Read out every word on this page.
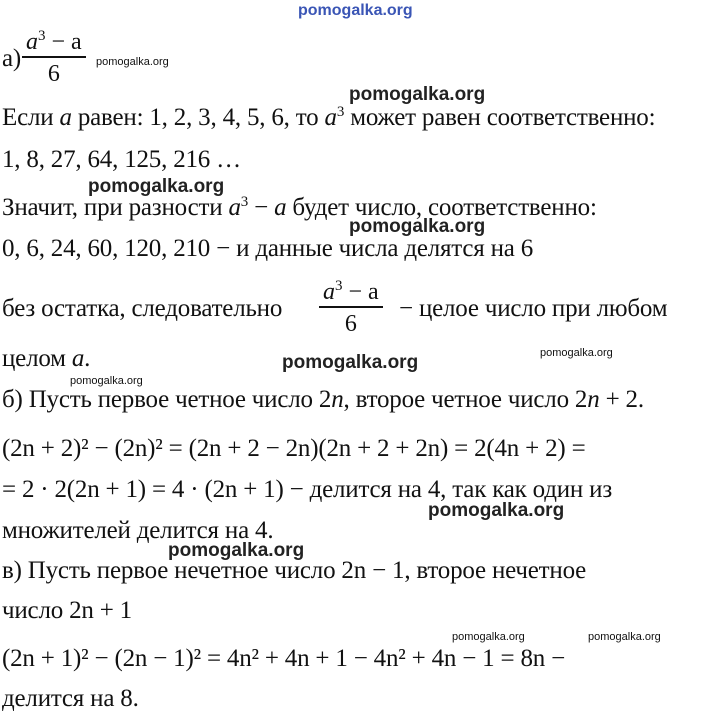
pomogalka.org
pomogalka.org
pomogalka.org
pomogalka.org
pomogalka.org
pomogalka.org	pomogalka.org
pomogalka.org
pomogalka.org
pomogalka.org
pomogalka.org	pomogalka.org
а)
$a^3 - a$
6
Если a равен: 1, 2, 3, 4, 5, 6, то $a^3$ может равен соответственно:
1, 8, 27, 64, 125, 216 …
Значит, при разности $a^3 - a$ будет число, соответственно:
0, 6, 24, 60, 120, 210 − и данные числа делятся на 6
без остатка, следовательно
$a^3 - a$
6
− целое число при любом
целом a.
б) Пусть первое четное число 2n, второе четное число 2n + 2.
(2n + 2)² − (2n)² = (2n + 2 − 2n)(2n + 2 + 2n) = 2(4n + 2) =
= 2 · 2(2n + 1) = 4 · (2n + 1) − делится на 4, так как один из
множителей делится на 4.
в) Пусть первое нечетное число 2n − 1, второе нечетное
число 2n + 1
(2n + 1)² − (2n − 1)² = 4n² + 4n + 1 − 4n² + 4n − 1 = 8n −
делится на 8.
